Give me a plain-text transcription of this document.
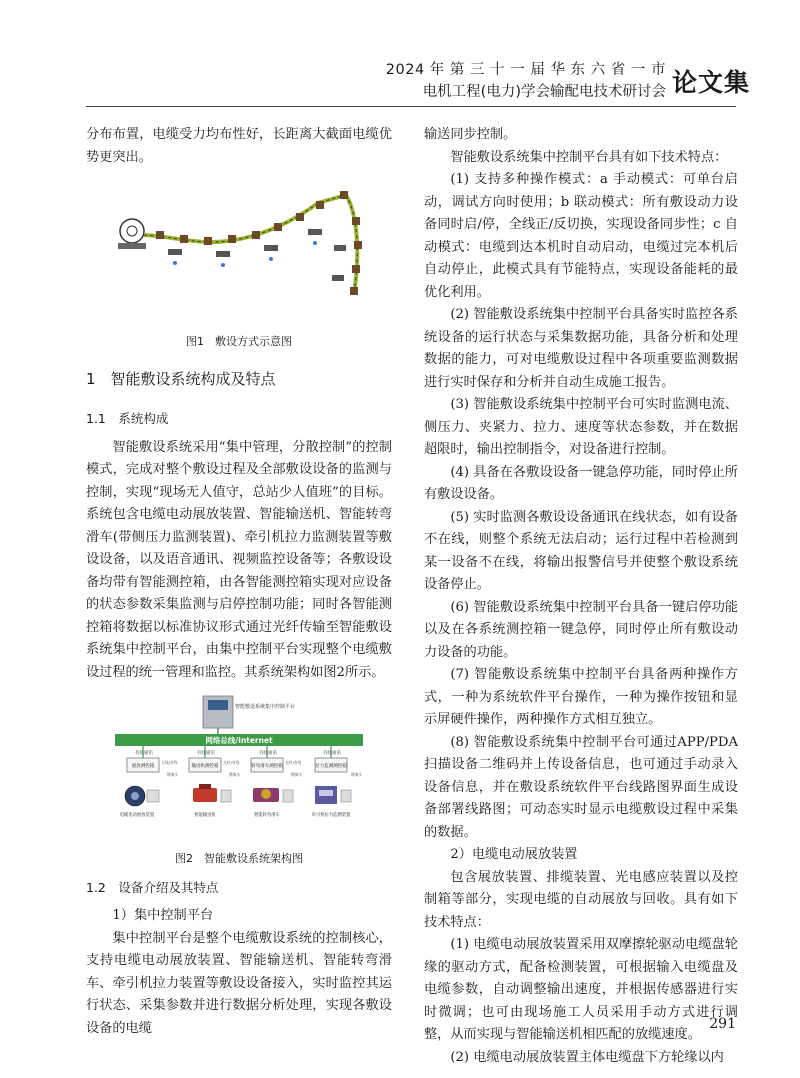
2024 年 第 三 十 一 届 华 东 六 省 一 市
电机工程(电力)学会输配电技术研讨会 论文集

分布布置，电缆受力均布性好，长距离大截面电缆优势更突出。

图1　敷设方式示意图
1　智能敷设系统构成及特点
1.1　系统构成

智能敷设系统采用“集中管理，分散控制”的控制模式，完成对整个敷设过程及全部敷设设备的监测与控制，实现“现场无人值守，总站少人值班”的目标。系统包含电缆电动展放装置、智能输送机、智能转弯滑车(带侧压力监测装置)、牵引机拉力监测装置等敷设设备，以及语音通讯、视频监控设备等；各敷设设备均带有智能测控箱，由各智能测控箱实现对应设备的状态参数采集监测与启停控制功能；同时各智能测控箱将数据以标准协议形式通过光纤传输至智能敷设系统集中控制平台，由集中控制平台实现整个电缆敷设过程的统一管理和监控。其系统架构如图2所示。

智能敷设系统集中控制平台
网络总线/Internet
有线通讯	有线通讯	有线通讯	有线通讯
展放测控箱	输送机测控箱	转弯滑车测控箱	拉力监测测控箱
无线/有线	光纤/有线	光纤/有线
摄像头	摄像头	摄像头	摄像头
电缆电动展放装置	智能输送机	智能转弯滑车	牵引机拉力监测装置
图2　智能敷设系统架构图
1.2　设备介绍及其特点

1）集中控制平台

集中控制平台是整个电缆敷设系统的控制核心，支持电缆电动展放装置、智能输送机、智能转弯滑车、牵引机拉力装置等敷设设备接入，实时监控其运行状态、采集参数并进行数据分析处理，实现各敷设设备的电缆

输送同步控制。

智能敷设系统集中控制平台具有如下技术特点：

(1) 支持多种操作模式：a 手动模式：可单台启动，调试方向时使用；b 联动模式：所有敷设动力设备同时启/停，全线正/反切换，实现设备同步性；c 自动模式：电缆到达本机时自动启动，电缆过完本机后自动停止，此模式具有节能特点，实现设备能耗的最优化利用。

(2) 智能敷设系统集中控制平台具备实时监控各系统设备的运行状态与采集数据功能，具备分析和处理数据的能力，可对电缆敷设过程中各项重要监测数据进行实时保存和分析并自动生成施工报告。

(3) 智能敷设系统集中控制平台可实时监测电流、侧压力、夹紧力、拉力、速度等状态参数，并在数据超限时，输出控制指令，对设备进行控制。

(4) 具备在各敷设设备一键急停功能，同时停止所有敷设设备。

(5) 实时监测各敷设设备通讯在线状态，如有设备不在线，则整个系统无法启动；运行过程中若检测到某一设备不在线，将输出报警信号并使整个敷设系统设备停止。

(6) 智能敷设系统集中控制平台具备一键启停功能以及在各系统测控箱一键急停，同时停止所有敷设动力设备的功能。

(7) 智能敷设系统集中控制平台具备两种操作方式，一种为系统软件平台操作，一种为操作按钮和显示屏硬件操作，两种操作方式相互独立。

(8) 智能敷设系统集中控制平台可通过APP/PDA扫描设备二维码并上传设备信息，也可通过手动录入设备信息，并在敷设系统软件平台线路图界面生成设备部署线路图；可动态实时显示电缆敷设过程中采集的数据。

2）电缆电动展放装置

包含展放装置、排缆装置、光电感应装置以及控制箱等部分，实现电缆的自动展放与回收。具有如下技术特点：

(1) 电缆电动展放装置采用双摩擦轮驱动电缆盘轮缘的驱动方式，配备检测装置，可根据输入电缆盘及电缆参数，自动调整输出速度，并根据传感器进行实时微调；也可由现场施工人员采用手动方式进行调整，从而实现与智能输送机相匹配的放缆速度。

(2) 电缆电动展放装置主体电缆盘下方轮缘以内

291
